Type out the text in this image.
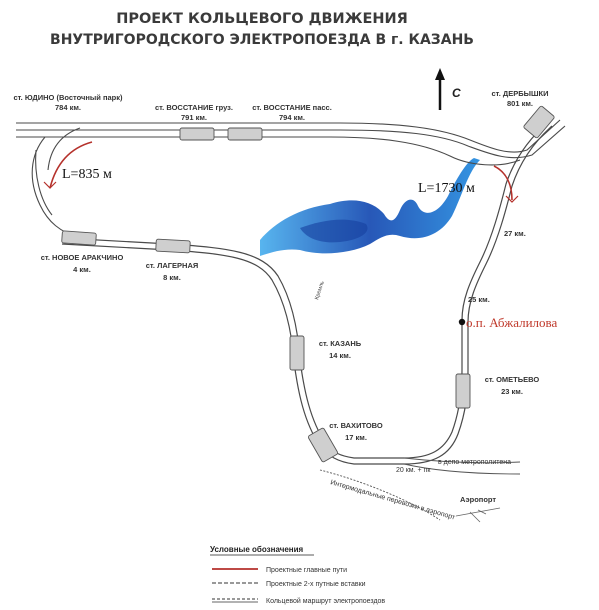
ПРОЕКТ КОЛЬЦЕВОГО ДВИЖЕНИЯ
ВНУТРИГОРОДСКОГО ЭЛЕКТРОПОЕЗДА В г. КАЗАНЬ
С
Кремль
ст. ЮДИНО (Восточный парк)
784 км.	ст. ВОССТАНИЕ груз.
791 км.
ст. ВОССТАНИЕ пасс.
794 км.
ст. ДЕРБЫШКИ
801 км.
ст. НОВОЕ АРАКЧИНО
4 км.	ст. ЛАГЕРНАЯ
8 км.
ст. КАЗАНЬ
14 км.
ст. ВАХИТОВО
17 км.
ст. ОМЕТЬЕВО
23 км.
27 км.
25 км.
20 км. + пк
L=835 м
L=1730 м
о.п. Абжалилова
в депо метрополитена
Аэропорт
Интермодальные перевозки в аэропорт
Условные обозначения
Проектные главные пути
Проектные 2-х путные вставки
Кольцевой маршрут электропоездов
